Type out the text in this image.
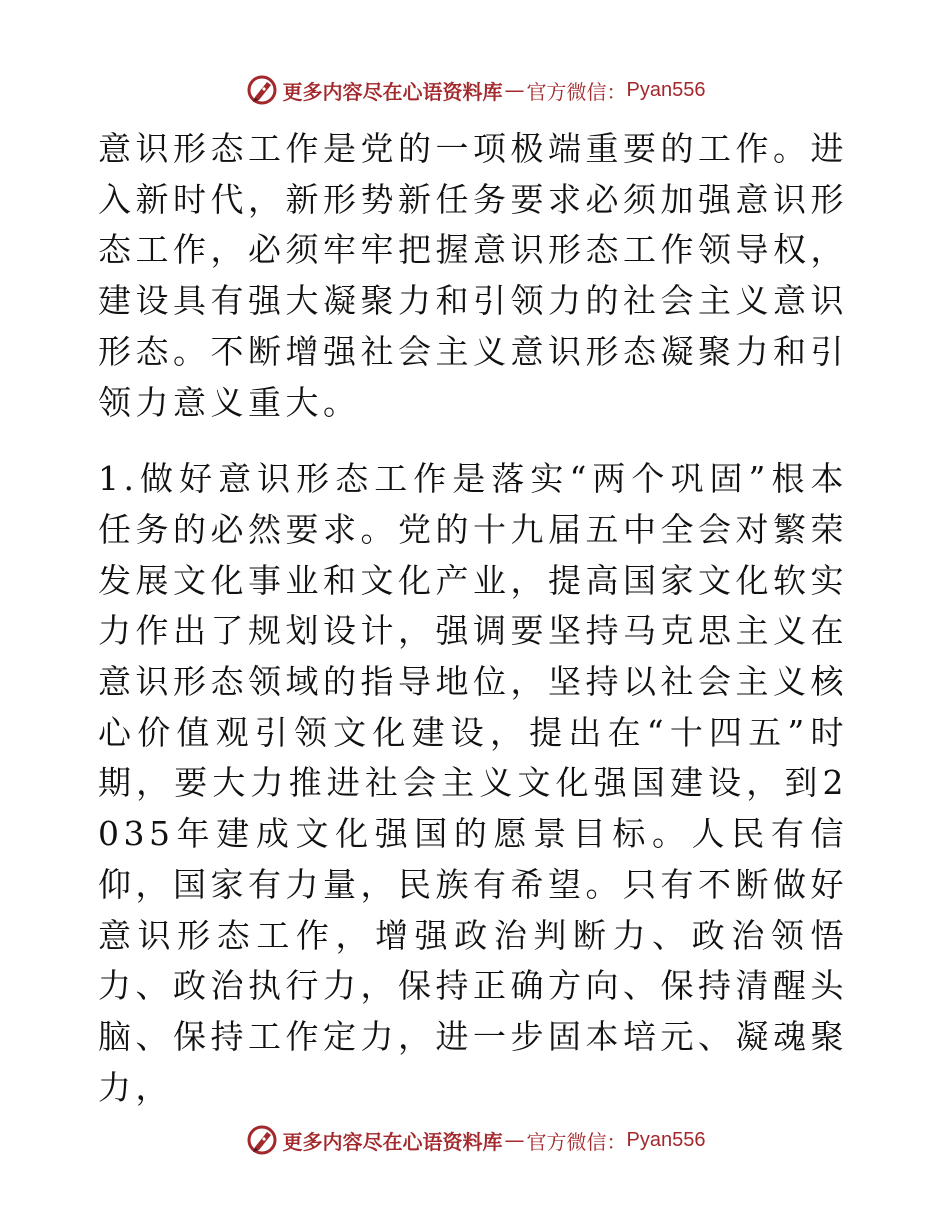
更多内容尽在心语资料库 — 官方微信： Pyan556

意识形态工作是党的一项极端重要的工作。进入新时代，新形势新任务要求必须加强意识形态工作，必须牢牢把握意识形态工作领导权，建设具有强大凝聚力和引领力的社会主义意识形态。不断增强社会主义意识形态凝聚力和引领力意义重大。

1.做好意识形态工作是落实“两个巩固”根本任务的必然要求。党的十九届五中全会对繁荣发展文化事业和文化产业，提高国家文化软实力作出了规划设计，强调要坚持马克思主义在意识形态领域的指导地位，坚持以社会主义核心价值观引领文化建设，提出在“十四五”时期，要大力推进社会主义文化强国建设，到2035年建成文化强国的愿景目标。人民有信仰，国家有力量，民族有希望。只有不断做好意识形态工作，增强政治判断力、政治领悟力、政治执行力，保持正确方向、保持清醒头脑、保持工作定力，进一步固本培元、凝魂聚力，

更多内容尽在心语资料库 — 官方微信： Pyan556
